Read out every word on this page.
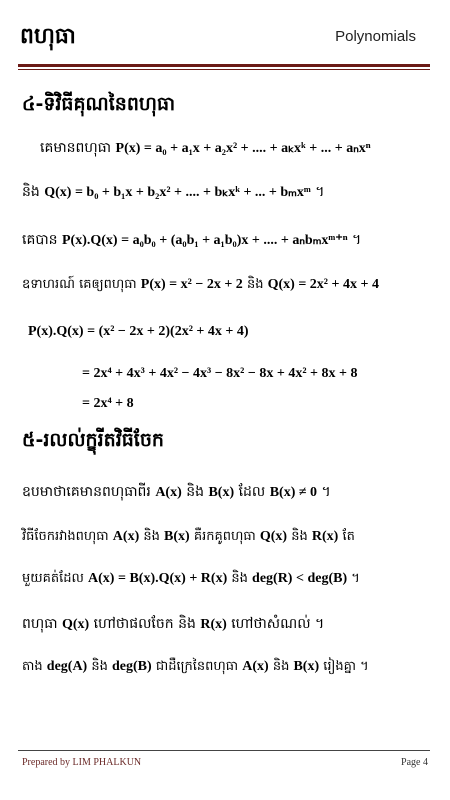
ពហុធា	Polynomials
៤-ទិវិធីគុណនៃពហុធា
គេមានពហុធា P(x) = a₀ + a₁x + a₂x² + .... + aₖxᵏ + ... + aₙxⁿ
និង Q(x) = b₀ + b₁x + b₂x² + .... + bₖxᵏ + ... + bₘxᵐ ។
គេបាន P(x).Q(x) = a₀b₀ + (a₀b₁ + a₁b₀)x + .... + aₙbₘxᵐ⁺ⁿ ។
ឧទាហរណ៍ គេឲ្យពហុធា P(x) = x² − 2x + 2 និង Q(x) = 2x² + 4x + 4
P(x).Q(x) = (x² − 2x + 2)(2x² + 4x + 4)
= 2x⁴ + 4x³ + 4x² − 4x³ − 8x² − 8x + 4x² + 8x + 8
= 2x⁴ + 8
៥-រលល់ក្ខុរីតវិធីចែក
ឧបមាថាគេមានពហុធាពីរ A(x) និង B(x) ដែល B(x) ≠ 0 ។
វិធីចែករវាងពហុធា A(x) និង B(x) គឺរកគូពហុធា Q(x) និង R(x) តែ
មួយគត់ដែល A(x) = B(x).Q(x) + R(x) និង deg(R) < deg(B) ។
ពហុធា Q(x) ហៅថាផលចែក និង R(x) ហៅថាសំណល់ ។
តាង deg(A) និង deg(B) ជាដឺក្រេនៃពហុធា A(x) និង B(x) រៀងគ្នា ។
Prepared by LIM PHALKUN	Page 4
